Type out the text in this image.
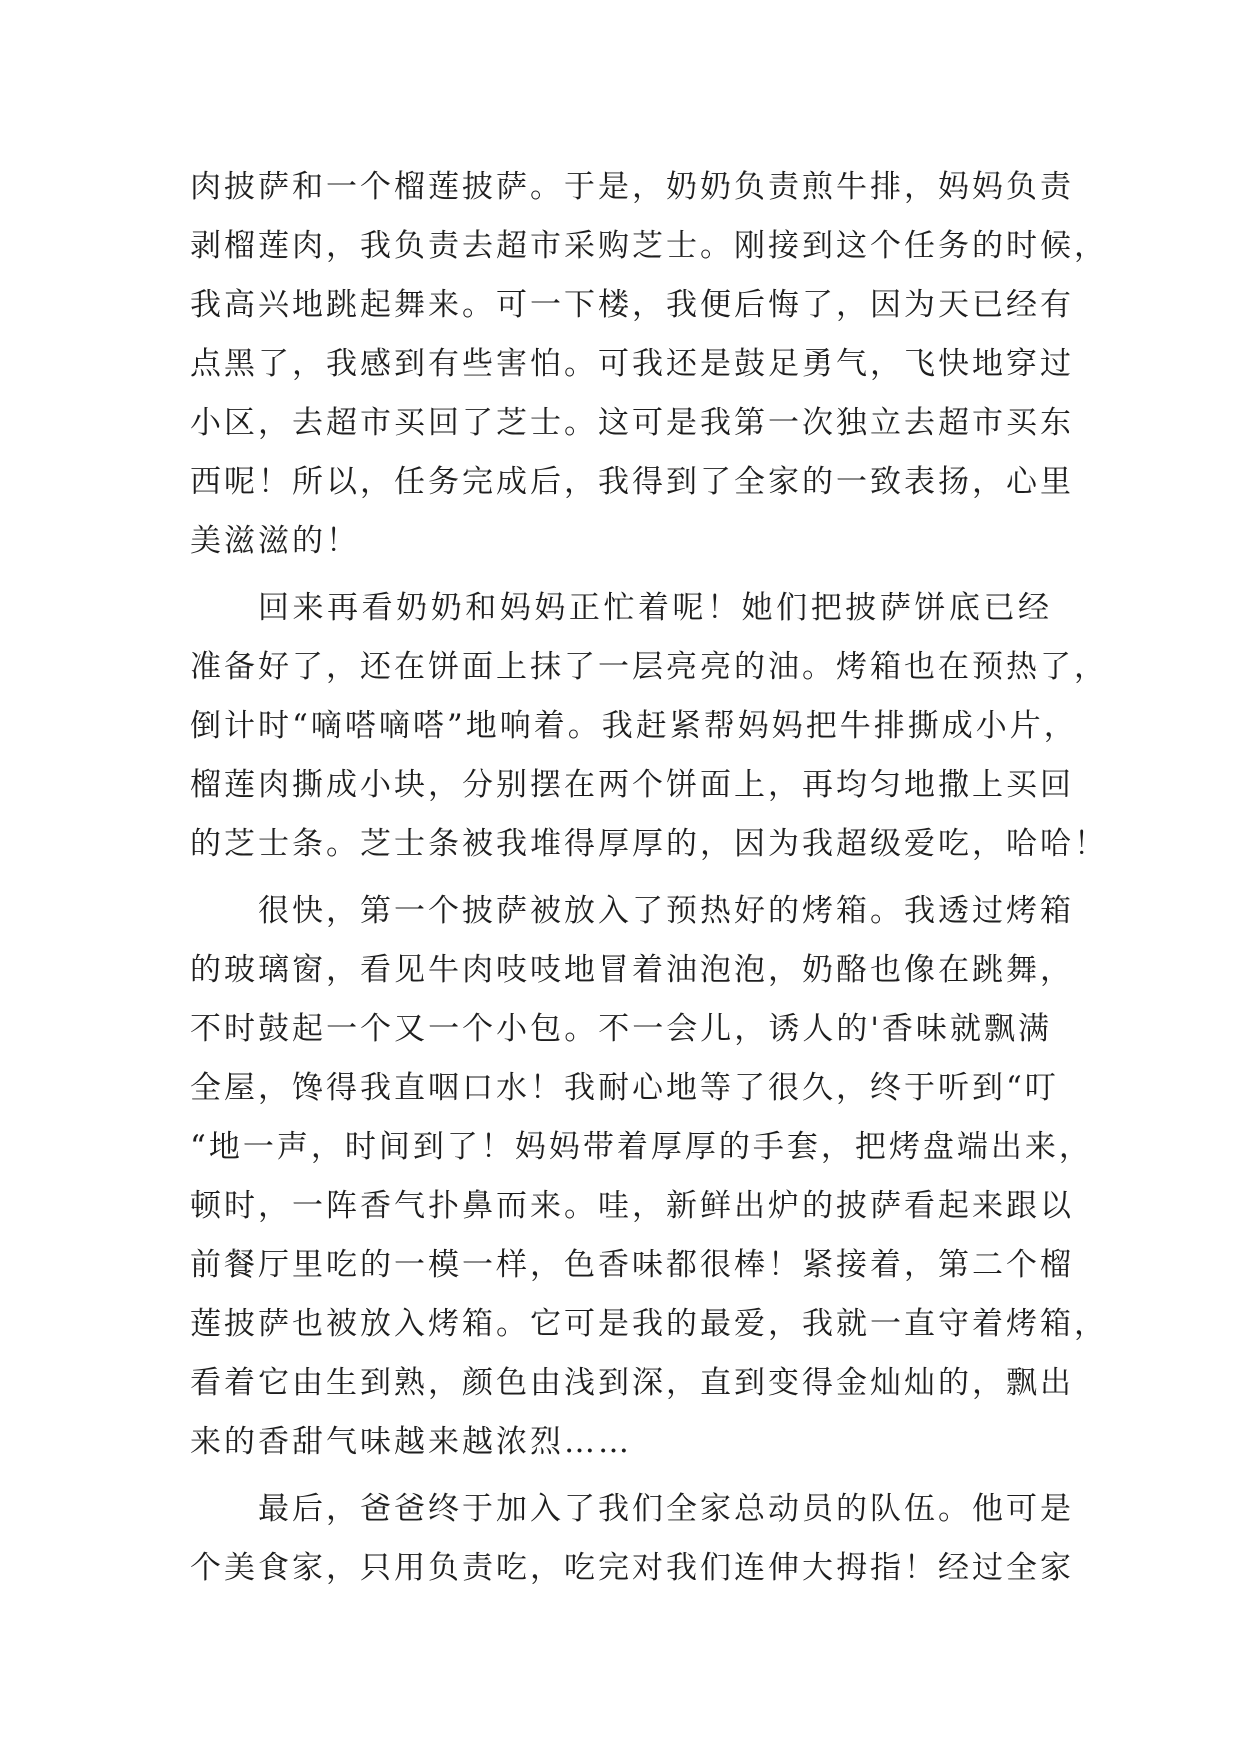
肉披萨和一个榴莲披萨。于是，奶奶负责煎牛排，妈妈负责
剥榴莲肉，我负责去超市采购芝士。刚接到这个任务的时候，
我高兴地跳起舞来。可一下楼，我便后悔了，因为天已经有
点黑了，我感到有些害怕。可我还是鼓足勇气，飞快地穿过
小区，去超市买回了芝士。这可是我第一次独立去超市买东
西呢！所以，任务完成后，我得到了全家的一致表扬，心里
美滋滋的！
回来再看奶奶和妈妈正忙着呢！她们把披萨饼底已经
准备好了，还在饼面上抹了一层亮亮的油。烤箱也在预热了，
倒计时“嘀嗒嘀嗒”地响着。我赶紧帮妈妈把牛排撕成小片，
榴莲肉撕成小块，分别摆在两个饼面上，再均匀地撒上买回
的芝士条。芝士条被我堆得厚厚的，因为我超级爱吃，哈哈！
很快，第一个披萨被放入了预热好的烤箱。我透过烤箱
的玻璃窗，看见牛肉吱吱地冒着油泡泡，奶酪也像在跳舞，
不时鼓起一个又一个小包。不一会儿，诱人的'香味就飘满
全屋，馋得我直咽口水！我耐心地等了很久，终于听到“叮
“地一声，时间到了！妈妈带着厚厚的手套，把烤盘端出来，
顿时，一阵香气扑鼻而来。哇，新鲜出炉的披萨看起来跟以
前餐厅里吃的一模一样，色香味都很棒！紧接着，第二个榴
莲披萨也被放入烤箱。它可是我的最爱，我就一直守着烤箱，
看着它由生到熟，颜色由浅到深，直到变得金灿灿的，飘出
来的香甜气味越来越浓烈……
最后，爸爸终于加入了我们全家总动员的队伍。他可是
个美食家，只用负责吃，吃完对我们连伸大拇指！经过全家
